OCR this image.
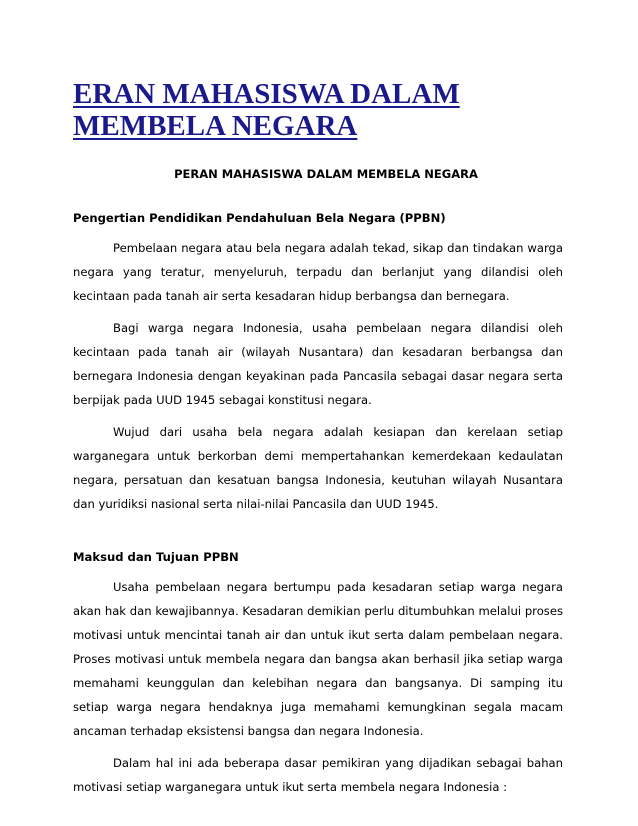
ERAN MAHASISWA DALAM MEMBELA NEGARA
PERAN MAHASISWA DALAM MEMBELA NEGARA

Pengertian Pendidikan Pendahuluan Bela Negara (PPBN)

Pembelaan negara atau bela negara adalah tekad, sikap dan tindakan warga negara yang teratur, menyeluruh, terpadu dan berlanjut yang dilandisi oleh kecintaan pada tanah air serta kesadaran hidup berbangsa dan bernegara.

Bagi warga negara Indonesia, usaha pembelaan negara dilandisi oleh kecintaan pada tanah air (wilayah Nusantara) dan kesadaran berbangsa dan bernegara Indonesia dengan keyakinan pada Pancasila sebagai dasar negara serta berpijak pada UUD 1945 sebagai konstitusi negara.

Wujud dari usaha bela negara adalah kesiapan dan kerelaan setiap warganegara untuk berkorban demi mempertahankan kemerdekaan kedaulatan negara, persatuan dan kesatuan bangsa Indonesia, keutuhan wilayah Nusantara dan yuridiksi nasional serta nilai-nilai Pancasila dan UUD 1945.

Maksud dan Tujuan PPBN

Usaha pembelaan negara bertumpu pada kesadaran setiap warga negara akan hak dan kewajibannya. Kesadaran demikian perlu ditumbuhkan melalui proses motivasi untuk mencintai tanah air dan untuk ikut serta dalam pembelaan negara. Proses motivasi untuk membela negara dan bangsa akan berhasil jika setiap warga memahami keunggulan dan kelebihan negara dan bangsanya. Di samping itu setiap warga negara hendaknya juga memahami kemungkinan segala macam ancaman terhadap eksistensi bangsa dan negara Indonesia.

Dalam hal ini ada beberapa dasar pemikiran yang dijadikan sebagai bahan motivasi setiap warganegara untuk ikut serta membela negara Indonesia :
